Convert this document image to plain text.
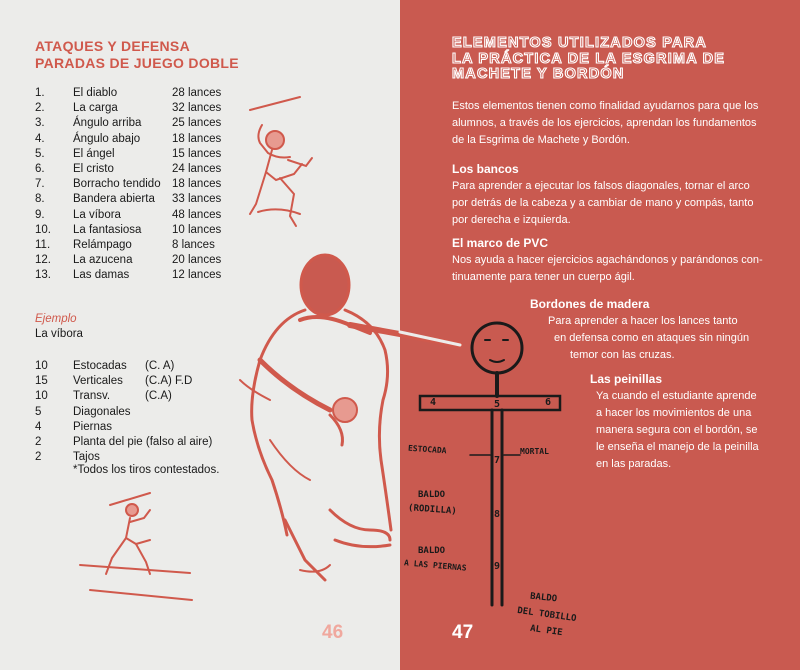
ATAQUES Y DEFENSA
PARADAS DE JUEGO DOBLE
1. El diablo	28 lances
2. La carga	32 lances
3. Ángulo arriba	25 lances
4. Ángulo abajo	18 lances
5. El ángel	15 lances
6. El cristo	24 lances
7. Borracho tendido 18 lances
8. Bandera abierta 33 lances
9. La víbora	48 lances
10. La fantasiosa	10 lances
11. Relámpago	8 lances
12. La azucena	20 lances
13. Las damas	12 lances
Ejemplo
La víbora
10 Estocadas (C. A)
15 Verticales (C.A) F.D
10 Transv.	(C.A)
5	Diagonales
4	Piernas
2	Planta del pie (falso al aire)
2	Tajos
*Todos los tiros contestados.
4	5	6
7
8
9
ESTOCADA	MORTAL
BALDO
(RODILLA)
BALDO
A LAS PIERNAS
BALDO
DEL TOBILLO
AL PIE
ELEMENTOS UTILIZADOS PARA
LA PRÁCTICA DE LA ESGRIMA DE
MACHETE Y BORDÓN
Estos elementos tienen como finalidad ayudarnos para que los
alumnos, a través de los ejercicios, aprendan los fundamentos
de la Esgrima de Machete y Bordón.
Los bancos
Para aprender a ejecutar los falsos diagonales, tornar el arco
por detrás de la cabeza y a cambiar de mano y compás, tanto
por derecha e izquierda.
El marco de PVC
Nos ayuda a hacer ejercicios agachándonos y parándonos con-
tinuamente para tener un cuerpo ágil.
Bordones de madera
Para aprender a hacer los lances tanto
en defensa como en ataques sin ningún
temor con las cruzas.
Las peinillas
Ya cuando el estudiante aprende
a hacer los movimientos de una
manera segura con el bordón, se
le enseña el manejo de la peinilla
en las paradas.
46	47
